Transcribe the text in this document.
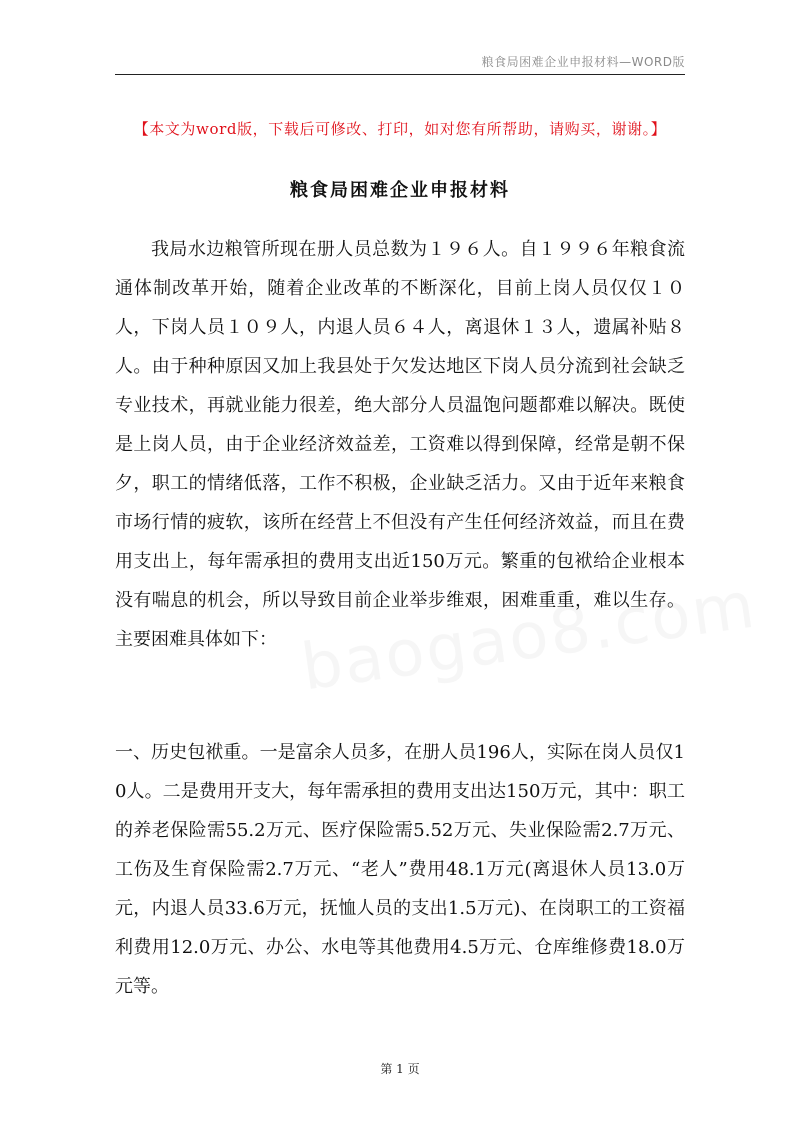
粮食局困难企业申报材料—WORD版
【本文为word版，下载后可修改、打印，如对您有所帮助，请购买，谢谢。】
粮食局困难企业申报材料

我局水边粮管所现在册人员总数为１９６人。自１９９６年粮食流通体制改革开始，随着企业改革的不断深化，目前上岗人员仅仅１０人，下岗人员１０９人，内退人员６４人，离退休１３人，遗属补贴８人。由于种种原因又加上我县处于欠发达地区下岗人员分流到社会缺乏专业技术，再就业能力很差，绝大部分人员温饱问题都难以解决。既使是上岗人员，由于企业经济效益差，工资难以得到保障，经常是朝不保夕，职工的情绪低落，工作不积极，企业缺乏活力。又由于近年来粮食市场行情的疲软，该所在经营上不但没有产生任何经济效益，而且在费用支出上，每年需承担的费用支出近150万元。繁重的包袱给企业根本没有喘息的机会，所以导致目前企业举步维艰，困难重重，难以生存。主要困难具体如下：

一、历史包袱重。一是富余人员多，在册人员196人，实际在岗人员仅10人。二是费用开支大，每年需承担的费用支出达150万元，其中：职工的养老保险需55.2万元、医疗保险需5.52万元、失业保险需2.7万元、工伤及生育保险需2.7万元、“老人”费用48.1万元(离退休人员13.0万元，内退人员33.6万元，抚恤人员的支出1.5万元)、在岗职工的工资福利费用12.0万元、办公、水电等其他费用4.5万元、仓库维修费18.0万元等。

第 1 页
